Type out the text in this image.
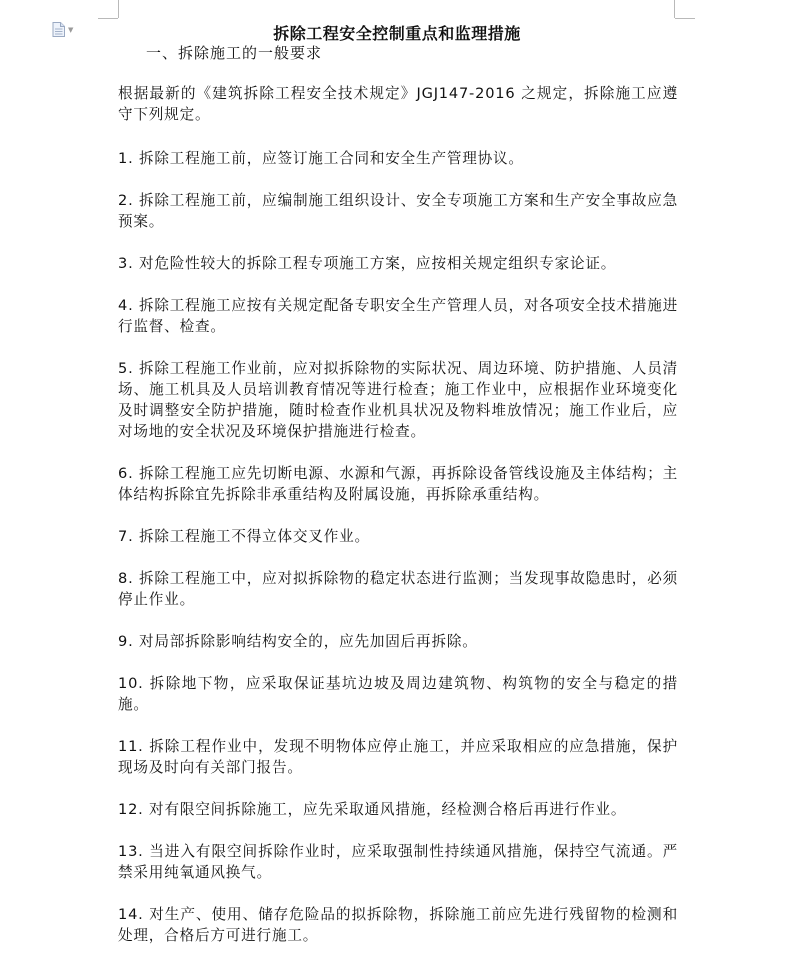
▼	拆除工程安全控制重点和监理措施
一、拆除施工的一般要求

根据最新的《建筑拆除工程安全技术规定》JGJ147-2016 之规定，拆除施工应遵守下列规定。

1. 拆除工程施工前，应签订施工合同和安全生产管理协议。

2. 拆除工程施工前，应编制施工组织设计、安全专项施工方案和生产安全事故应急预案。

3. 对危险性较大的拆除工程专项施工方案，应按相关规定组织专家论证。

4. 拆除工程施工应按有关规定配备专职安全生产管理人员，对各项安全技术措施进行监督、检查。

5. 拆除工程施工作业前，应对拟拆除物的实际状况、周边环境、防护措施、人员清场、施工机具及人员培训教育情况等进行检查；施工作业中，应根据作业环境变化及时调整安全防护措施，随时检查作业机具状况及物料堆放情况；施工作业后，应对场地的安全状况及环境保护措施进行检查。

6. 拆除工程施工应先切断电源、水源和气源，再拆除设备管线设施及主体结构；主体结构拆除宜先拆除非承重结构及附属设施，再拆除承重结构。

7. 拆除工程施工不得立体交叉作业。

8. 拆除工程施工中，应对拟拆除物的稳定状态进行监测；当发现事故隐患时，必须停止作业。

9. 对局部拆除影响结构安全的，应先加固后再拆除。

10. 拆除地下物，应采取保证基坑边坡及周边建筑物、构筑物的安全与稳定的措施。

11. 拆除工程作业中，发现不明物体应停止施工，并应采取相应的应急措施，保护现场及时向有关部门报告。

12. 对有限空间拆除施工，应先采取通风措施，经检测合格后再进行作业。

13. 当进入有限空间拆除作业时，应采取强制性持续通风措施，保持空气流通。严禁采用纯氧通风换气。

14. 对生产、使用、储存危险品的拟拆除物，拆除施工前应先进行残留物的检测和处理，合格后方可进行施工。
